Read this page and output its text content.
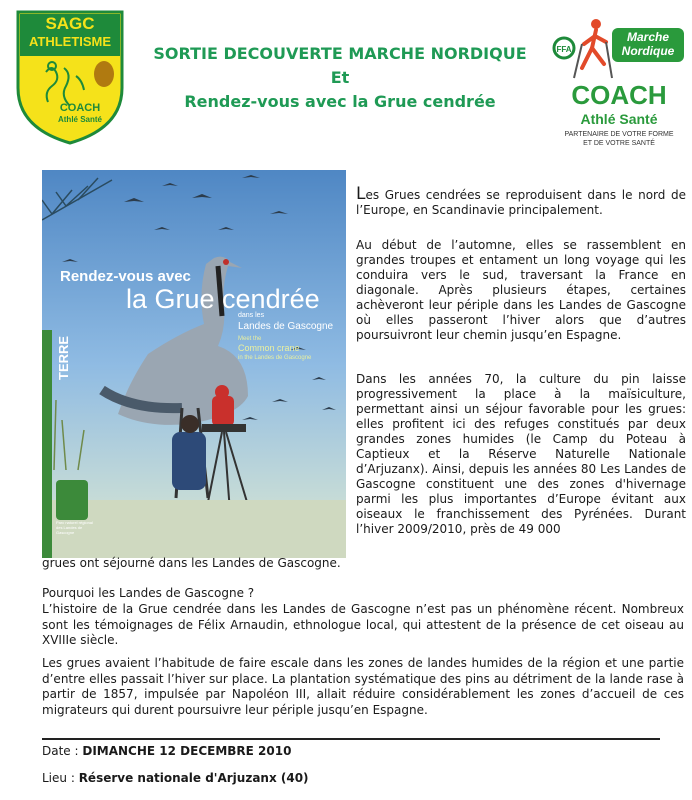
SAGC
ATHLETISME
COACH
Athlé Santé
SORTIE DECOUVERTE MARCHE NORDIQUE
Et
Rendez-vous avec la Grue cendrée
FFA
Marche
Nordique
COACH
Athlé Santé
PARTENAIRE DE VOTRE FORME
ET DE VOTRE SANTÉ
Rendez-vous avec
la Grue cendrée
dans les
Landes de Gascogne
Meet the
Common crane
in the Landes de Gascogne
TERRE
Parc naturel régional des Landes de Gascogne

Les Grues cendrées se reproduisent dans le nord de l’Europe, en Scandinavie principalement.

Au début de l’automne, elles se rassemblent en grandes troupes et entament un long voyage qui les conduira vers le sud, traversant la France en diagonale. Après plusieurs étapes, certaines achèveront leur périple dans les Landes de Gascogne où elles passeront l’hiver alors que d’autres poursuivront leur chemin jusqu’en Espagne.

Dans les années 70, la culture du pin laisse progressivement la place à la maïsiculture, permettant ainsi un séjour favorable pour les grues: elles profitent ici des refuges constitués par deux grandes zones humides (le Camp du Poteau à Captieux et la Réserve Naturelle Nationale d’Arjuzanx). Ainsi, depuis les années 80 Les Landes de Gascogne constituent une des zones d'hivernage parmi les plus importantes d’Europe évitant aux oiseaux le franchissement des Pyrénées. Durant l’hiver 2009/2010, près de 49 000

grues ont séjourné dans les Landes de Gascogne.

Pourquoi les Landes de Gascogne ?

L’histoire de la Grue cendrée dans les Landes de Gascogne n’est pas un phénomène récent. Nombreux sont les témoignages de Félix Arnaudin, ethnologue local, qui attestent de la présence de cet oiseau au XVIIIe siècle.

Les grues avaient l’habitude de faire escale dans les zones de landes humides de la région et une partie d’entre elles passait l’hiver sur place. La plantation systématique des pins au détriment de la lande rase à partir de 1857, impulsée par Napoléon III, allait réduire considérablement les zones d’accueil de ces migrateurs qui durent poursuivre leur périple jusqu’en Espagne.

Date : DIMANCHE 12 DECEMBRE 2010
Lieu : Réserve nationale d'Arjuzanx (40)
